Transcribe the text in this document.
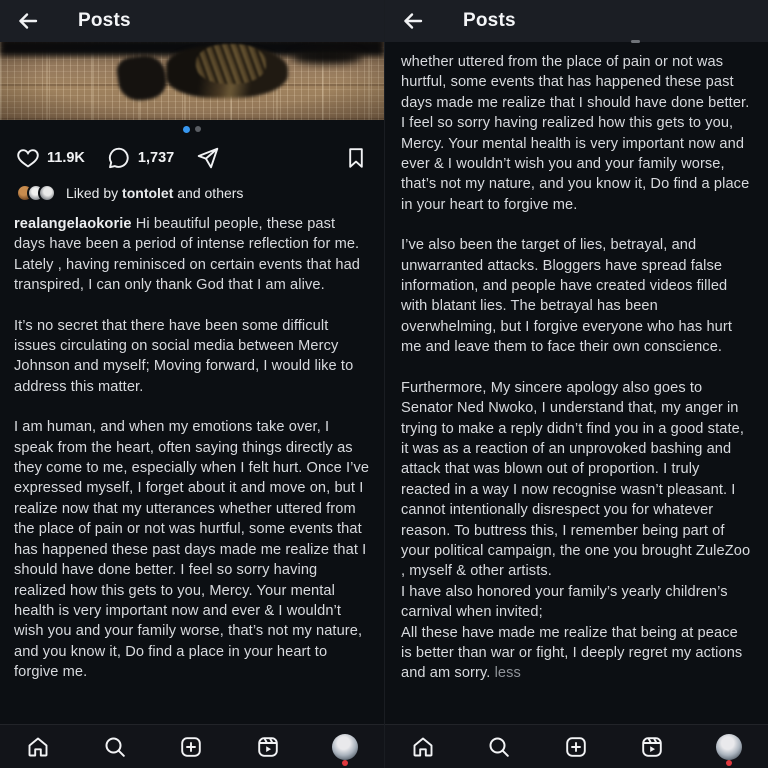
Posts
11.9K	1,737
Liked by tontolet and others
realangelaokorie Hi beautiful people, these past days have been a period of intense reflection for me.
Lately , having reminisced on certain events that had transpired, I can only thank God that I am alive.
It’s no secret that there have been some difficult issues circulating on social media between Mercy Johnson and myself; Moving forward, I would like to address this matter.
I am human, and when my emotions take over, I speak from the heart, often saying things directly as they come to me, especially when I felt hurt. Once I’ve expressed myself, I forget about it and move on, but I realize now that my utterances whether uttered from the place of pain or not was hurtful, some events that has happened these past days made me realize that I should have done better. I feel so sorry having realized how this gets to you, Mercy. Your mental health is very important now and ever & I wouldn’t wish you and your family worse, that’s not my nature, and you know it, Do find a place in your heart to forgive me.
Posts
whether uttered from the place of pain or not was hurtful, some events that has happened these past days made me realize that I should have done better. I feel so sorry having realized how this gets to you, Mercy. Your mental health is very important now and ever & I wouldn’t wish you and your family worse, that’s not my nature, and you know it, Do find a place in your heart to forgive me.
I’ve also been the target of lies, betrayal, and unwarranted attacks. Bloggers have spread false information, and people have created videos filled with blatant lies. The betrayal has been overwhelming, but I forgive everyone who has hurt me and leave them to face their own conscience.
Furthermore, My sincere apology also goes to Senator Ned Nwoko, I understand that, my anger in trying to make a reply didn’t find you in a good state, it was as a reaction of an unprovoked bashing and attack that was blown out of proportion. I truly reacted in a way I now recognise wasn’t pleasant. I cannot intentionally disrespect you for whatever reason. To buttress this, I remember being part of your political campaign, the one you brought ZuleZoo , myself & other artists.
I have also honored your family’s yearly children’s carnival when invited;
All these have made me realize that being at peace is better than war or fight, I deeply regret my actions and am sorry. less
